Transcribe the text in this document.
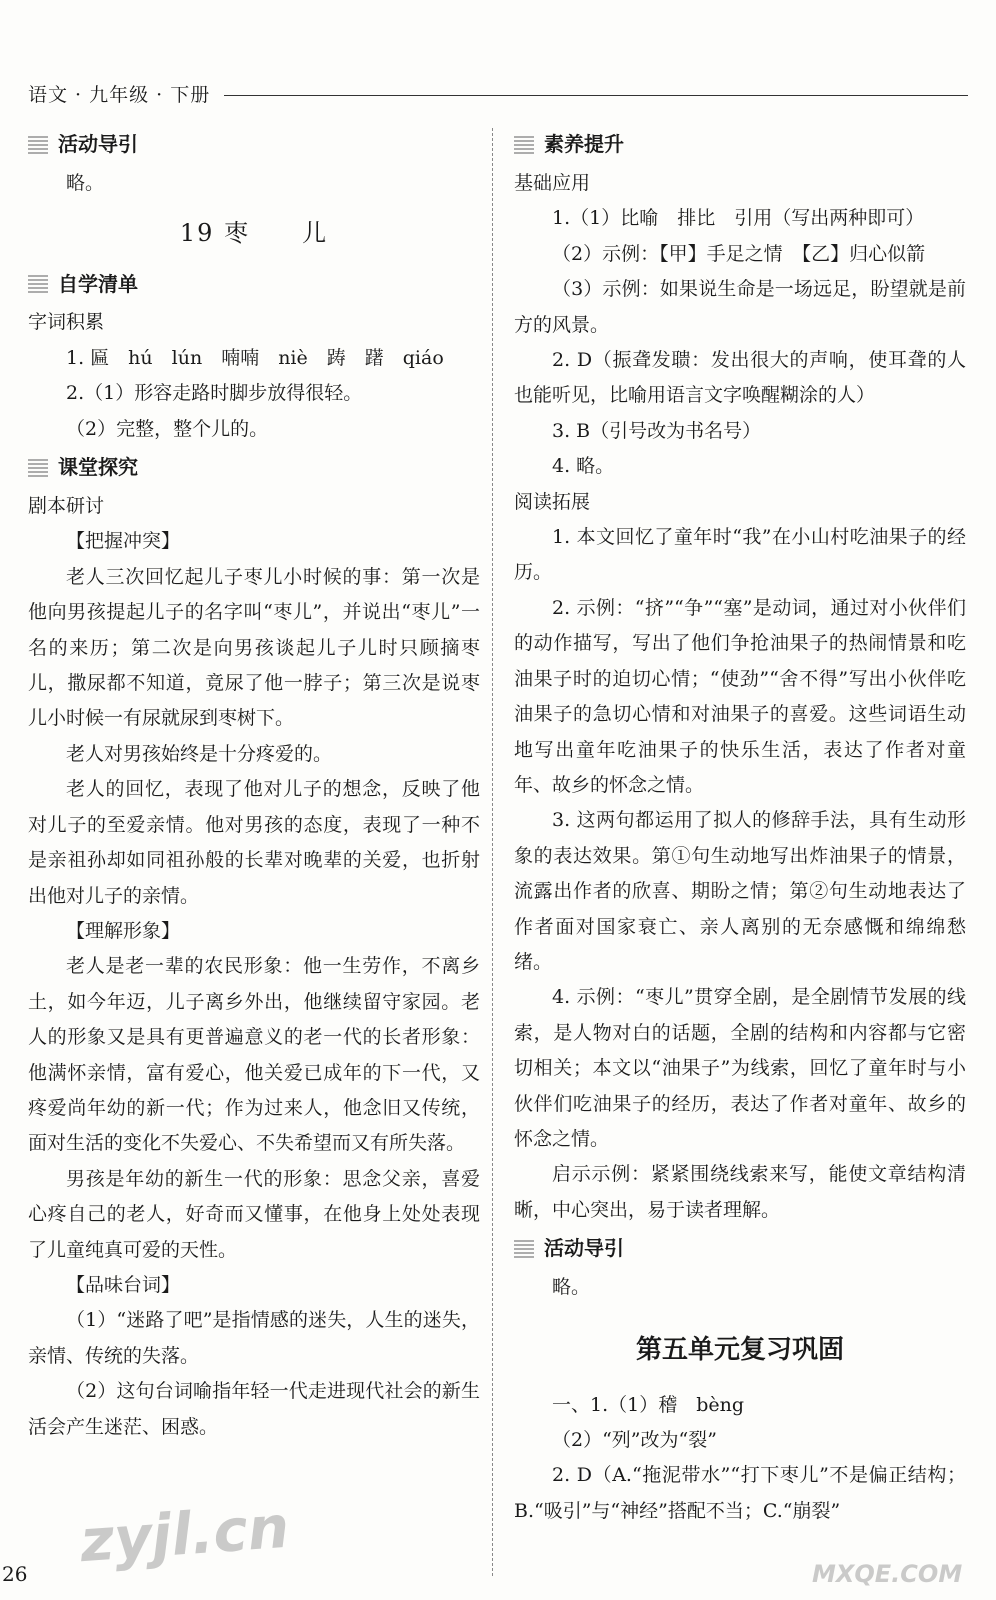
语文 · 九年级 · 下册
活动导引
略。
19 枣　　儿
自学清单
字词积累
1. 匾　hú　lún　喃喃　niè　踌　躇　qiáo
2.（1）形容走路时脚步放得很轻。
（2）完整，整个儿的。
课堂探究
剧本研讨
【把握冲突】
老人三次回忆起儿子枣儿小时候的事：第一次是他向男孩提起儿子的名字叫“枣儿”，并说出“枣儿”一名的来历；第二次是向男孩谈起儿子儿时只顾摘枣儿，撒尿都不知道，竟尿了他一脖子；第三次是说枣儿小时候一有尿就尿到枣树下。
老人对男孩始终是十分疼爱的。
老人的回忆，表现了他对儿子的想念，反映了他对儿子的至爱亲情。他对男孩的态度，表现了一种不是亲祖孙却如同祖孙般的长辈对晚辈的关爱，也折射出他对儿子的亲情。
【理解形象】
老人是老一辈的农民形象：他一生劳作，不离乡土，如今年迈，儿子离乡外出，他继续留守家园。老人的形象又是具有更普遍意义的老一代的长者形象：他满怀亲情，富有爱心，他关爱已成年的下一代，又疼爱尚年幼的新一代；作为过来人，他念旧又传统，面对生活的变化不失爱心、不失希望而又有所失落。
男孩是年幼的新生一代的形象：思念父亲，喜爱心疼自己的老人，好奇而又懂事，在他身上处处表现了儿童纯真可爱的天性。
【品味台词】
（1）“迷路了吧”是指情感的迷失，人生的迷失，亲情、传统的失落。
（2）这句台词喻指年轻一代走进现代社会的新生活会产生迷茫、困惑。
素养提升
基础应用
1.（1）比喻　排比　引用（写出两种即可）
（2）示例：【甲】手足之情　【乙】归心似箭
（3）示例：如果说生命是一场远足，盼望就是前方的风景。
2. D（振聋发聩：发出很大的声响，使耳聋的人也能听见，比喻用语言文字唤醒糊涂的人）
3. B（引号改为书名号）
4. 略。
阅读拓展
1. 本文回忆了童年时“我”在小山村吃油果子的经历。
2. 示例：“挤”“争”“塞”是动词，通过对小伙伴们的动作描写，写出了他们争抢油果子的热闹情景和吃油果子时的迫切心情；“使劲”“舍不得”写出小伙伴吃油果子的急切心情和对油果子的喜爱。这些词语生动地写出童年吃油果子的快乐生活，表达了作者对童年、故乡的怀念之情。
3. 这两句都运用了拟人的修辞手法，具有生动形象的表达效果。第①句生动地写出炸油果子的情景，流露出作者的欣喜、期盼之情；第②句生动地表达了作者面对国家衰亡、亲人离别的无奈感慨和绵绵愁绪。
4. 示例：“枣儿”贯穿全剧，是全剧情节发展的线索，是人物对白的话题，全剧的结构和内容都与它密切相关；本文以“油果子”为线索，回忆了童年时与小伙伴们吃油果子的经历，表达了作者对童年、故乡的怀念之情。
启示示例：紧紧围绕线索来写，能使文章结构清晰，中心突出，易于读者理解。
活动导引
略。
第五单元复习巩固
一、1.（1）稽　bèng
（2）“列”改为“裂”
2. D（A.“拖泥带水”“打下枣儿”不是偏正结构；B.“吸引”与“神经”搭配不当；C.“崩裂”
26 zyjl.cn	MXQE.COM
